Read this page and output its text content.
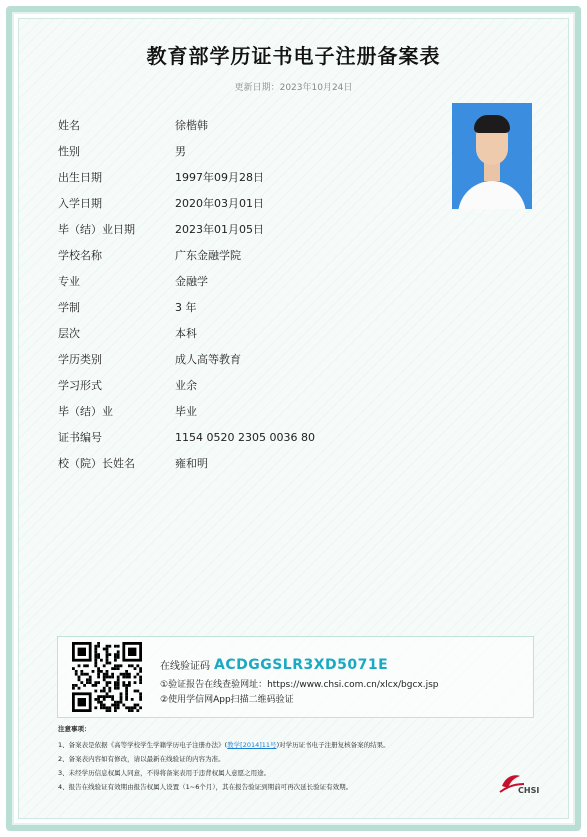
教育部学历证书电子注册备案表
更新日期：2023年10月24日
姓名	徐楷韩
性别	男
出生日期	1997年09月28日
入学日期	2020年03月01日
毕（结）业日期	2023年01月05日
学校名称	广东金融学院
专业	金融学
学制	3 年
层次	本科
学历类别	成人高等教育
学习形式	业余
毕（结）业	毕业
证书编号	1154 0520 2305 0036 80
校（院）长姓名	雍和明
在线验证码 ACDGGSLR3XD5071E
①验证报告在线查验网址：https://www.chsi.com.cn/xlcx/bgcx.jsp
②使用学信网App扫描二维码验证
注意事项：
1、备案表是依据《高等学校学生学籍学历电子注册办法》(教学[2014]11号)对学历证书电子注册复核备案的结果。
2、备案表内容如有修改，请以最新在线验证的内容为准。
3、未经学历信息权属人同意，不得将备案表用于违背权属人意愿之用途。
4、报告在线验证有效期由报告权属人设置（1~6个月），其在报告验证到期前可再次延长验证有效期。	CHSI
